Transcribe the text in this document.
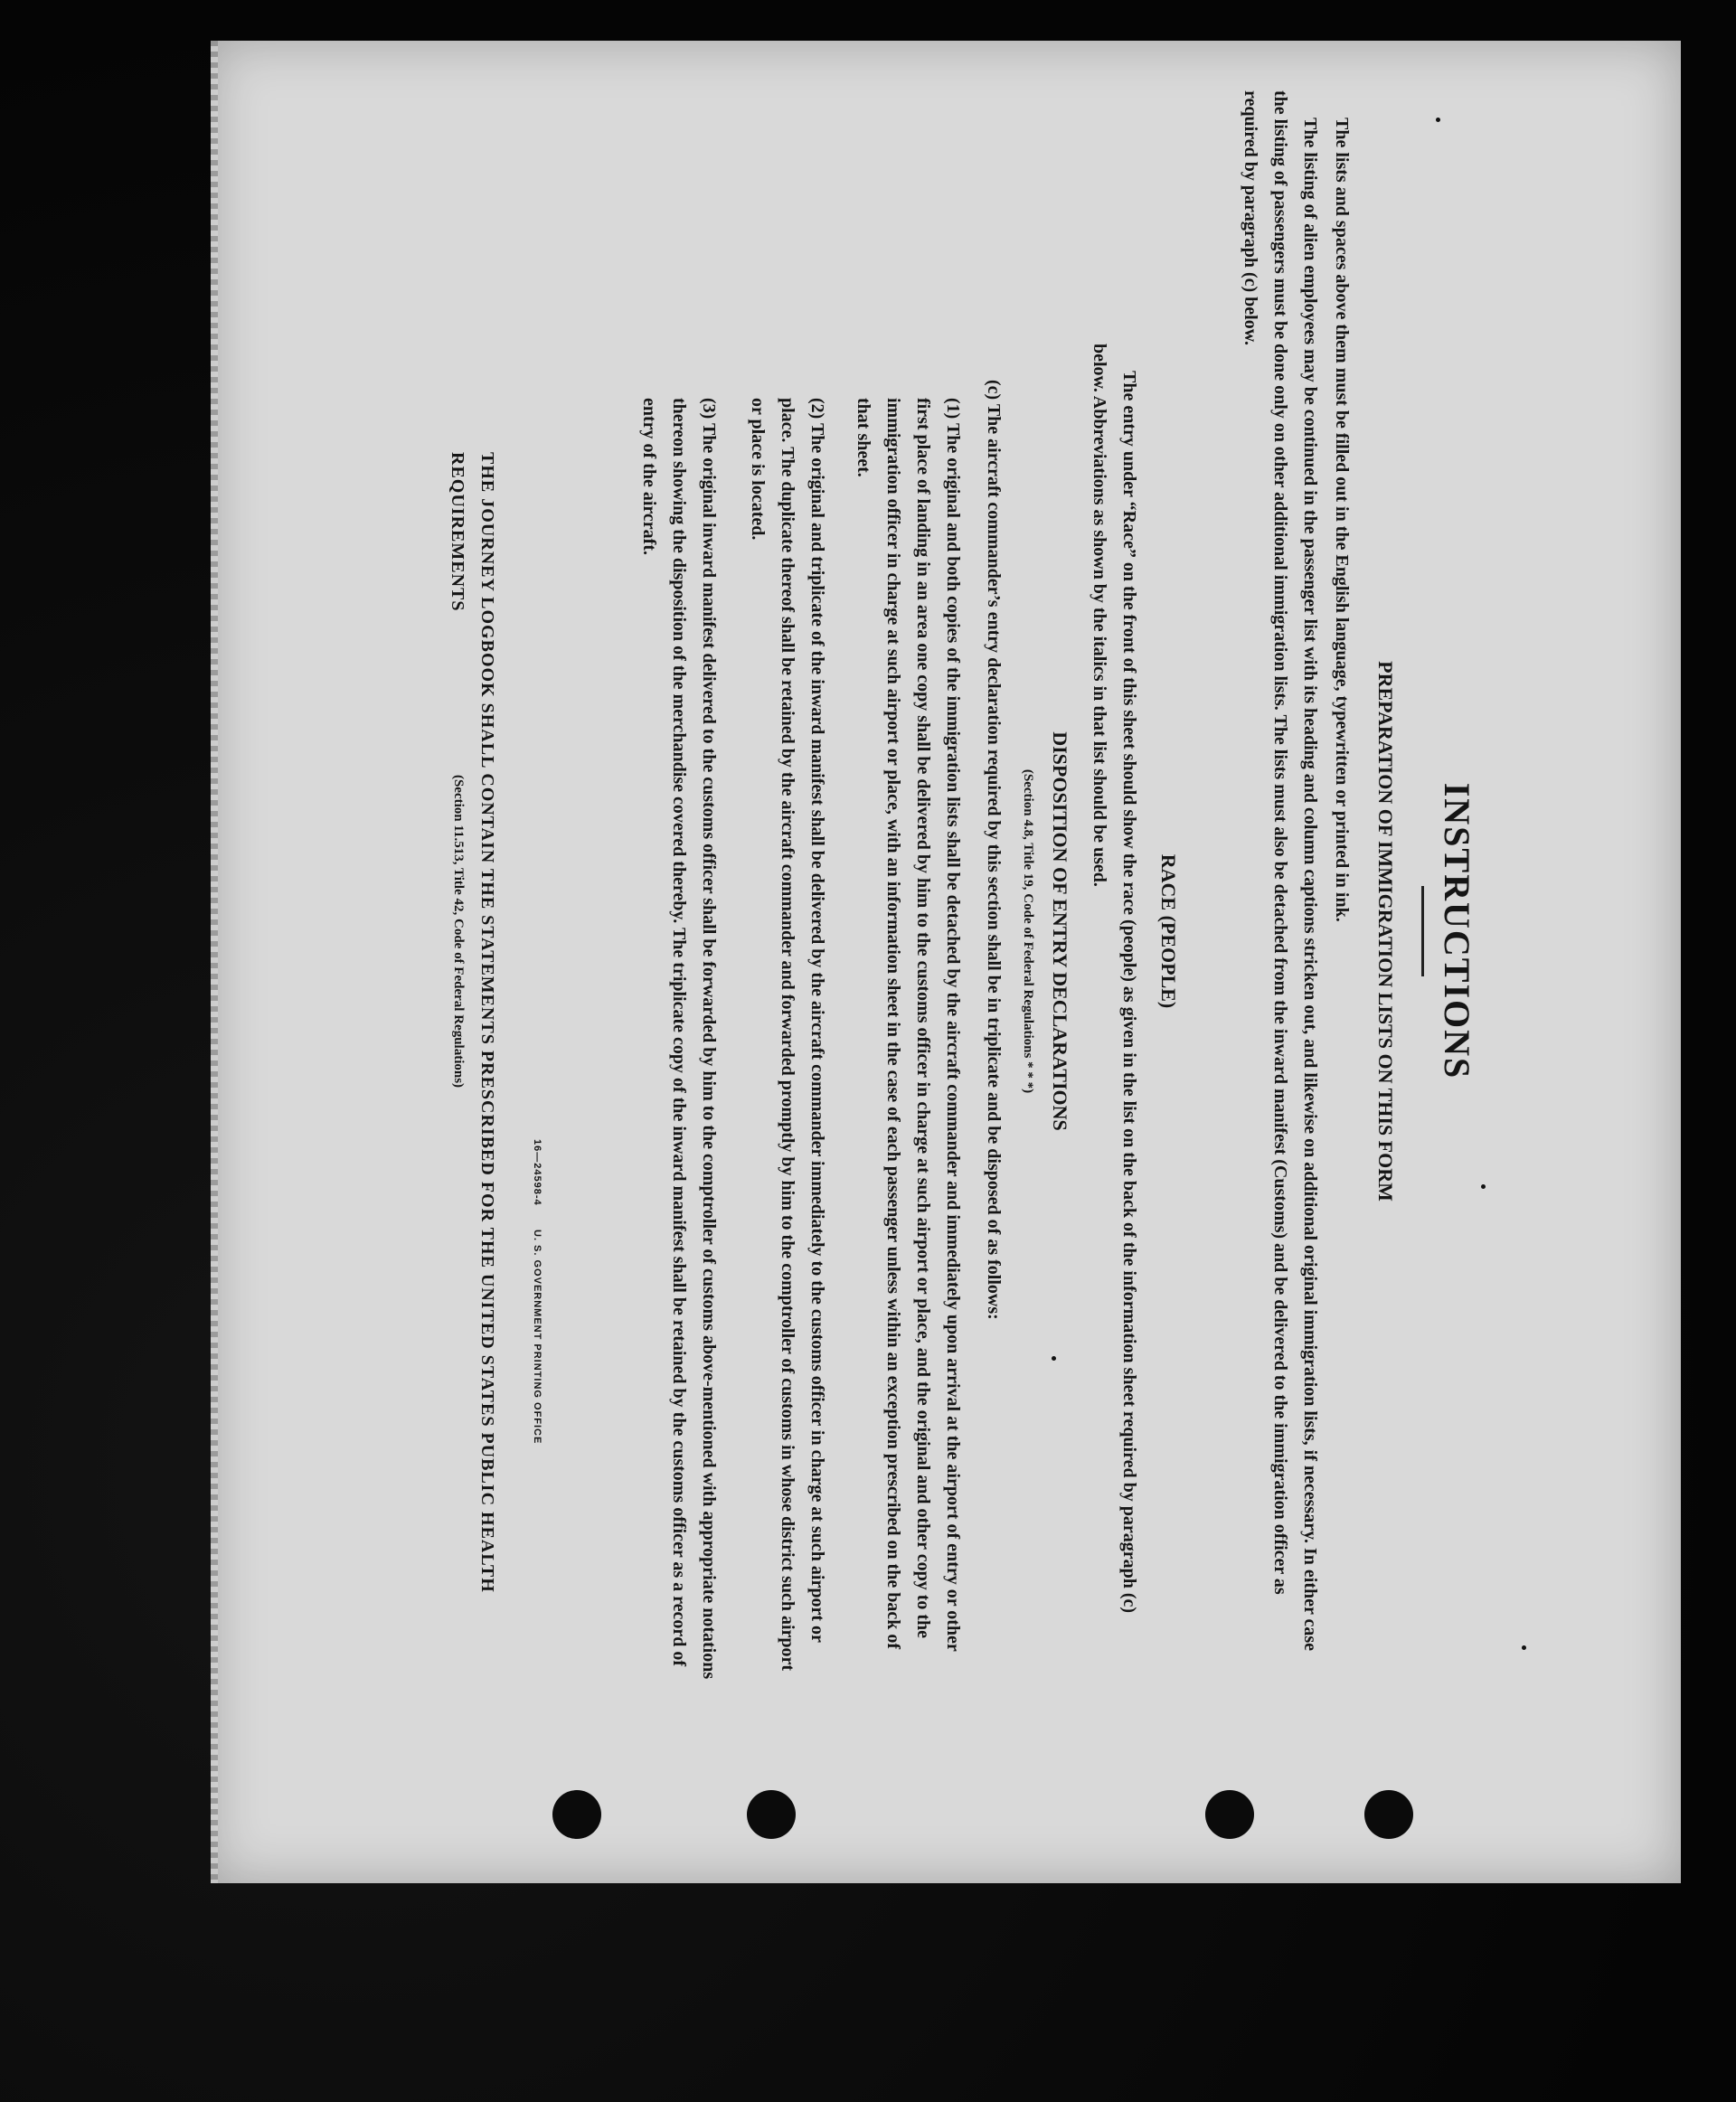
INSTRUCTIONS
PREPARATION OF IMMIGRATION LISTS ON THIS FORM

The lists and spaces above them must be filled out in the English language, typewritten or printed in ink.

The listing of alien employees may be continued in the passenger list with its heading and column captions stricken out, and likewise on additional original immigration lists, if necessary. In either case the listing of passengers must be done only on other additional immigration lists. The lists must also be detached from the inward manifest (Customs) and be delivered to the immigration officer as required by paragraph (c) below.

RACE (PEOPLE)

The entry under “Race” on the front of this sheet should show the race (people) as given in the list on the back of the information sheet required by paragraph (c) below. Abbreviations as shown by the italics in that list should be used.

DISPOSITION OF ENTRY DECLARATIONS
(Section 4.8, Title 19, Code of Federal Regulations * * *)

(c) The aircraft commander’s entry declaration required by this section shall be in triplicate and be disposed of as follows:

(1) The original and both copies of the immigration lists shall be detached by the aircraft commander and immediately upon arrival at the airport of entry or other first place of landing in an area one copy shall be delivered by him to the customs officer in charge at such airport or place, and the original and other copy to the immigration officer in charge at such airport or place, with an information sheet in the case of each passenger unless within an exception prescribed on the back of that sheet.

(2) The original and triplicate of the inward manifest shall be delivered by the aircraft commander immediately to the customs officer in charge at such airport or place. The duplicate thereof shall be retained by the aircraft commander and forwarded promptly by him to the comptroller of customs in whose district such airport or place is located.

(3) The original inward manifest delivered to the customs officer shall be forwarded by him to the comptroller of customs above-mentioned with appropriate notations thereon showing the disposition of the merchandise covered thereby. The triplicate copy of the inward manifest shall be retained by the customs officer as a record of entry of the aircraft.

16—24598-4
U. S. GOVERNMENT PRINTING OFFICE

THE JOURNEY LOGBOOK SHALL CONTAIN THE STATEMENTS PRESCRIBED FOR THE UNITED STATES PUBLIC HEALTH REQUIREMENTS

(Section 11.513, Title 42, Code of Federal Regulations)
